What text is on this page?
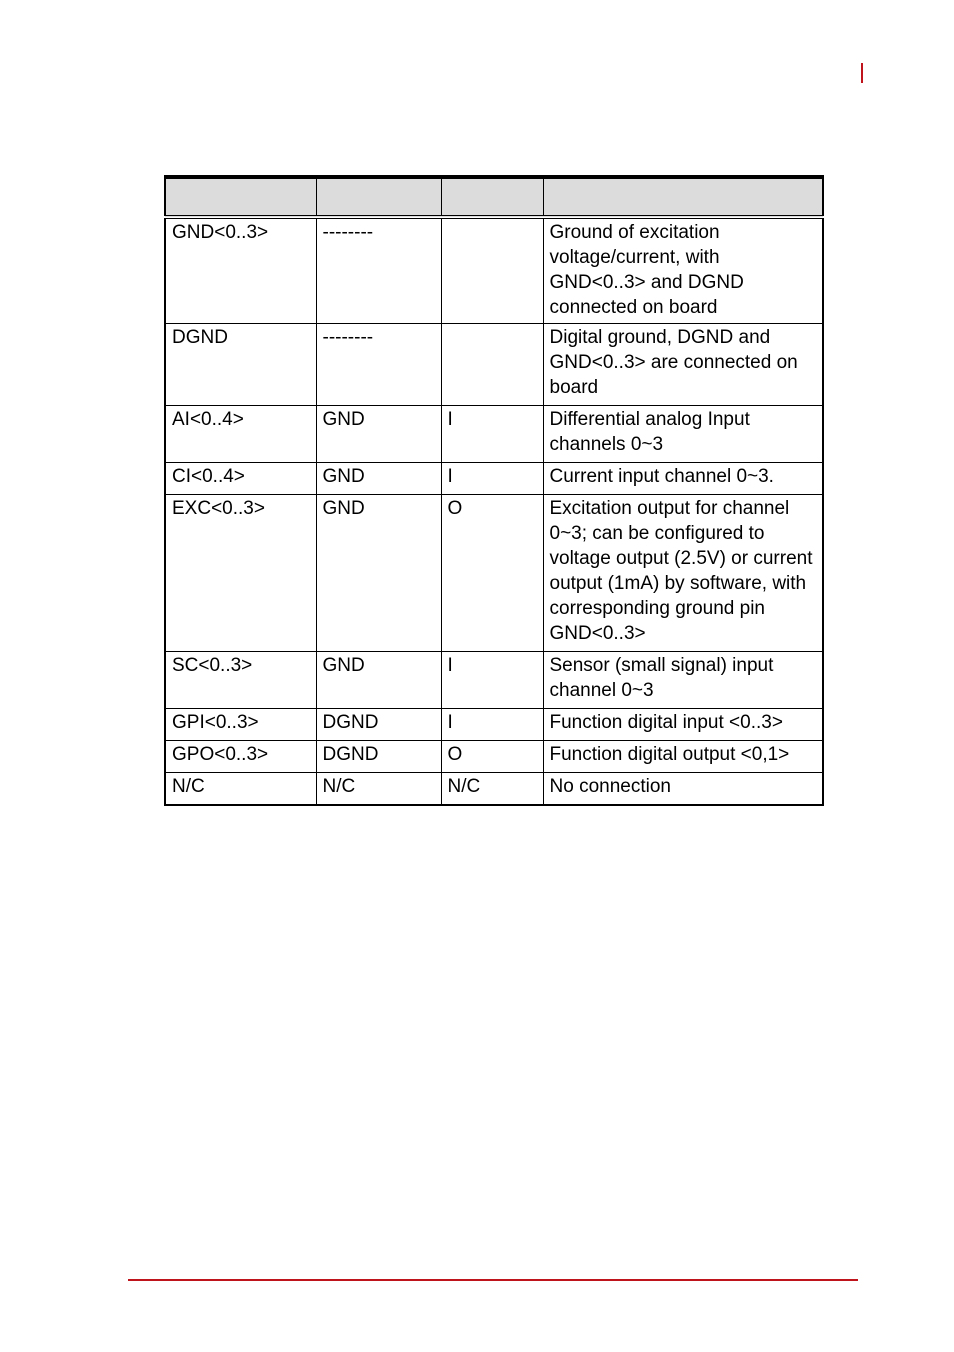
GND<0..3>	--------		Ground of excitation voltage/current, with GND<0..3> and DGND connected on board
DGND	--------		Digital ground, DGND and GND<0..3> are connected on board
AI<0..4>	GND	I	Differential analog Input channels 0~3
CI<0..4>	GND	I	Current input channel 0~3.
EXC<0..3>	GND	O	Excitation output for channel 0~3; can be configured to voltage output (2.5V) or current output (1mA) by software, with corresponding ground pin GND<0..3>
SC<0..3>	GND	I	Sensor (small signal) input channel 0~3
GPI<0..3>	DGND	I	Function digital input <0..3>
GPO<0..3>	DGND	O	Function digital output <0,1>
N/C	N/C	N/C	No connection
